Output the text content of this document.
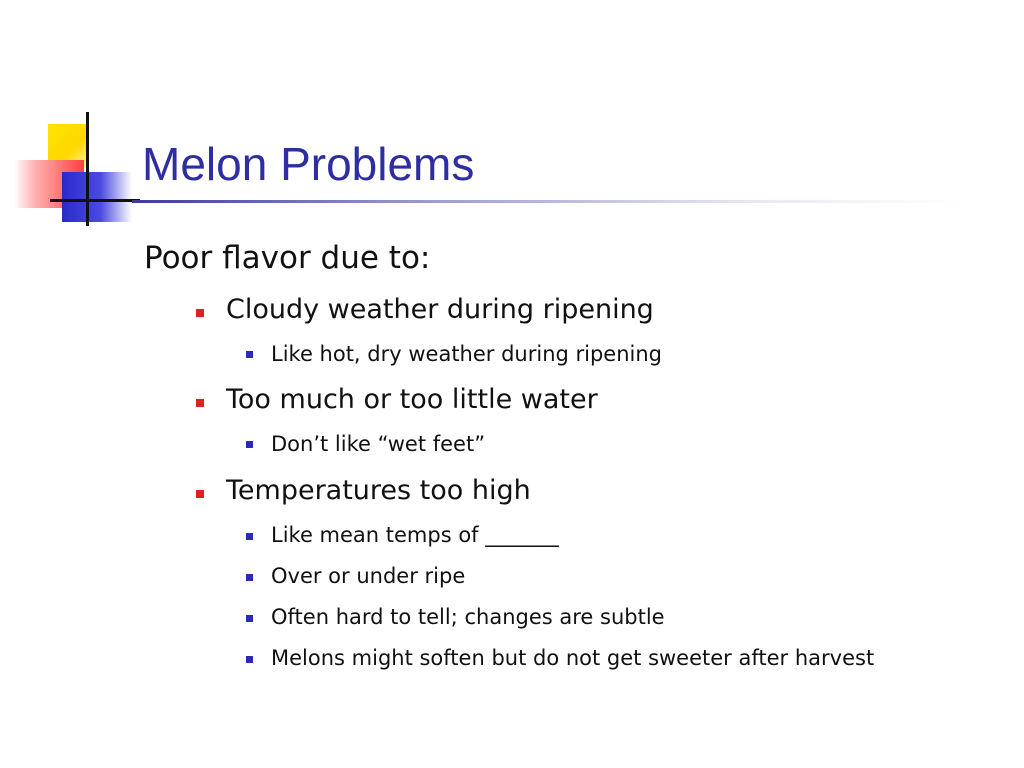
Melon Problems
Poor flavor due to:
Cloudy weather during ripening
Like hot, dry weather during ripening
Too much or too little water
Don’t like “wet feet”
Temperatures too high
Like mean temps of _______
Over or under ripe
Often hard to tell; changes are subtle
Melons might soften but do not get sweeter after harvest
